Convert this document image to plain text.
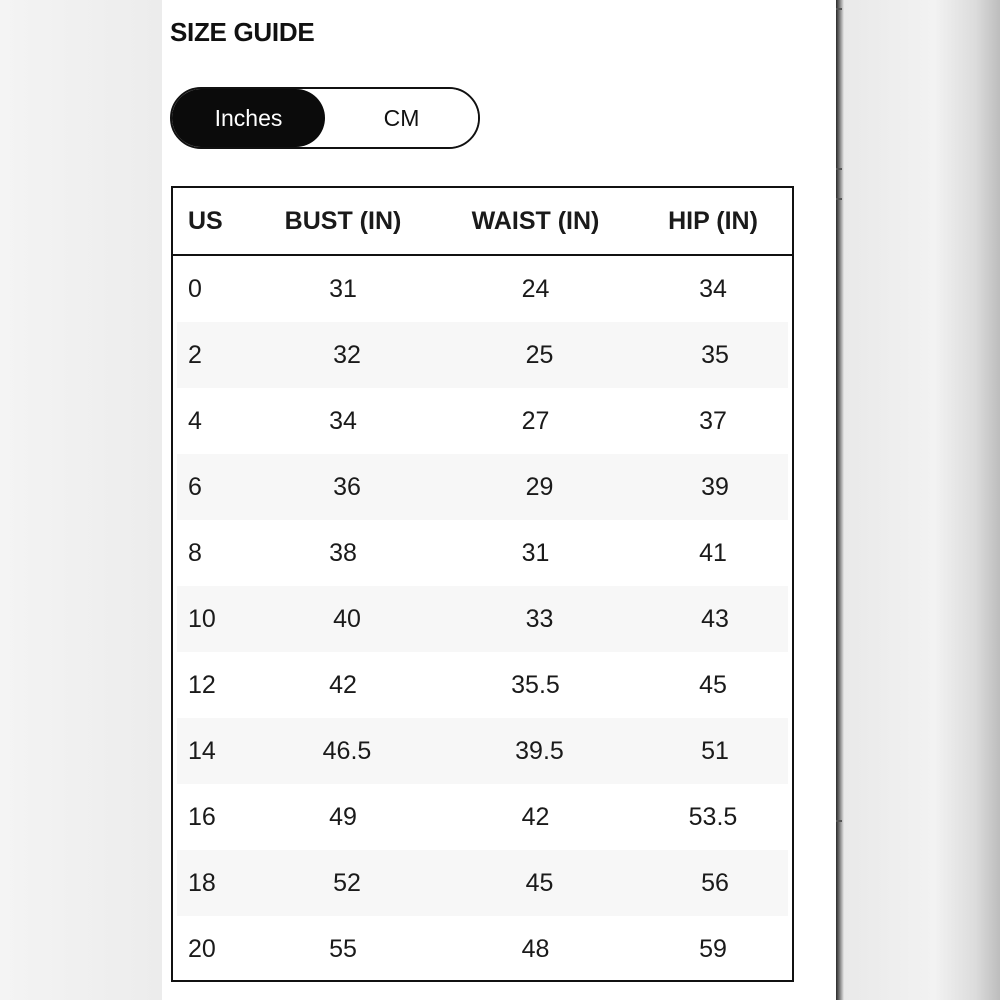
SIZE GUIDE
Inches	CM
US	BUST (IN)	WAIST (IN)	HIP (IN)
0	31	24	34
2	32	25	35
4	34	27	37
6	36	29	39
8	38	31	41
10	40	33	43
12	42	35.5	45
14	46.5	39.5	51
16	49	42	53.5
18	52	45	56
20	55	48	59
